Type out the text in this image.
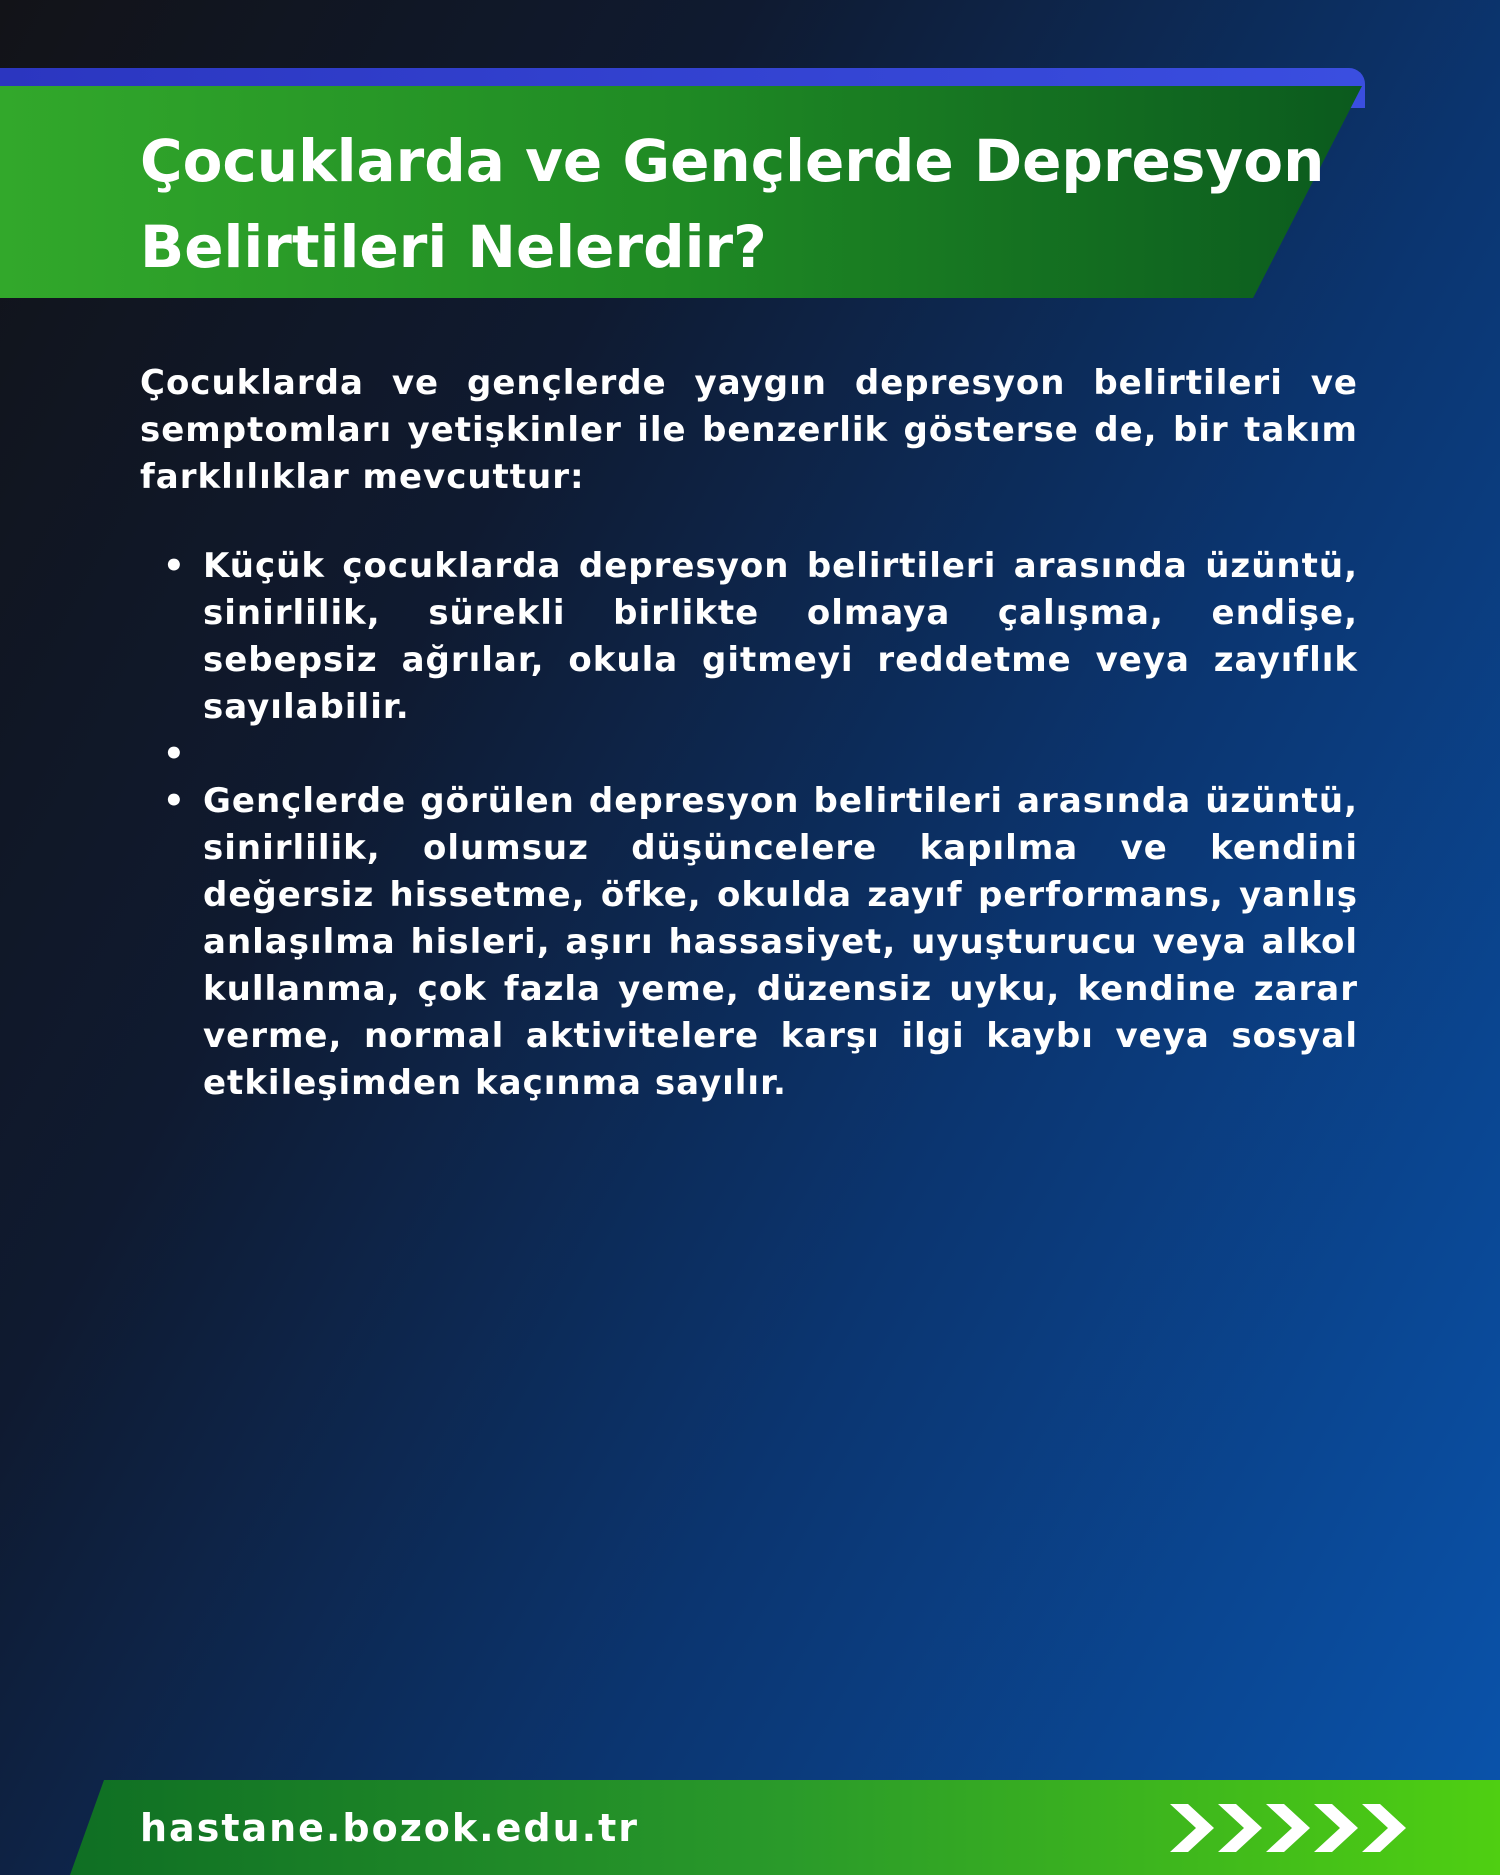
Çocuklarda ve Gençlerde Depresyon Belirtileri Nelerdir?

Çocuklarda ve gençlerde yaygın depresyon belirtileri ve semptomları yetişkinler ile benzerlik gösterse de, bir takım farklılıklar mevcuttur:

• Küçük çocuklarda depresyon belirtileri arasında üzüntü, sinirlilik, sürekli birlikte olmaya çalışma, endişe, sebepsiz ağrılar, okula gitmeyi reddetme veya zayıflık sayılabilir.
•
• Gençlerde görülen depresyon belirtileri arasında üzüntü, sinirlilik, olumsuz düşüncelere kapılma ve kendini değersiz hissetme, öfke, okulda zayıf performans, yanlış anlaşılma hisleri, aşırı hassasiyet, uyuşturucu veya alkol kullanma, çok fazla yeme, düzensiz uyku, kendine zarar verme, normal aktivitelere karşı ilgi kaybı veya sosyal etkileşimden kaçınma sayılır.
hastane.bozok.edu.tr
